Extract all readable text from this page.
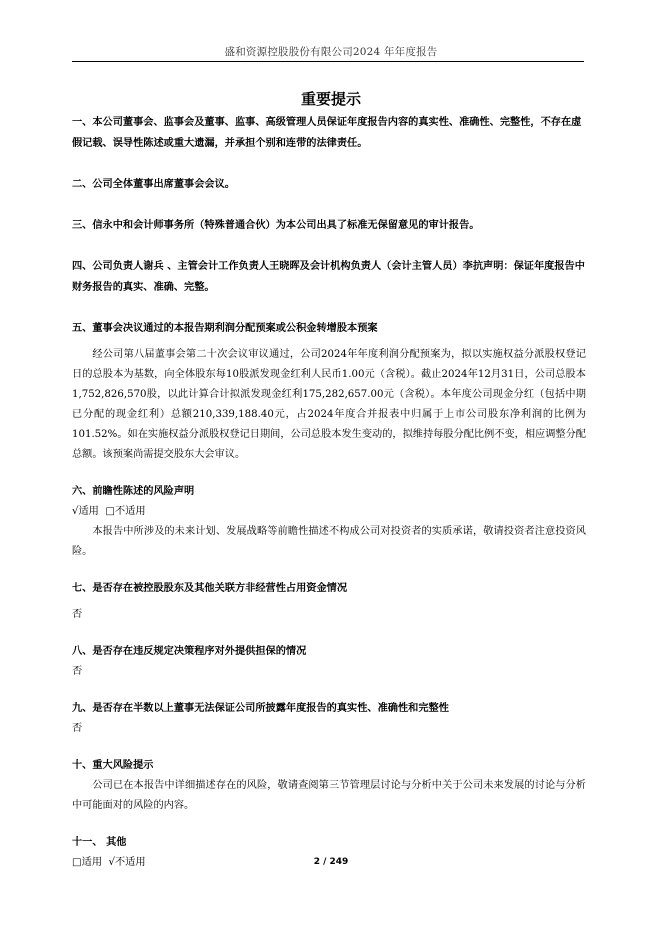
盛和资源控股股份有限公司2024 年年度报告
重要提示

一、本公司董事会、监事会及董事、监事、高级管理人员保证年度报告内容的真实性、准确性、完整性，不存在虚假记载、误导性陈述或重大遗漏，并承担个别和连带的法律责任。

二、公司全体董事出席董事会会议。

三、信永中和会计师事务所（特殊普通合伙）为本公司出具了标准无保留意见的审计报告。

四、公司负责人谢兵 、主管会计工作负责人王晓晖及会计机构负责人（会计主管人员）李抗声明：保证年度报告中财务报告的真实、准确、完整。

五、董事会决议通过的本报告期利润分配预案或公积金转增股本预案

经公司第八届董事会第二十次会议审议通过，公司2024年年度利润分配预案为，拟以实施权益分派股权登记日的总股本为基数，向全体股东每10股派发现金红利人民币1.00元（含税）。截止2024年12月31日，公司总股本1,752,826,570股，以此计算合计拟派发现金红利175,282,657.00元（含税）。本年度公司现金分红（包括中期已分配的现金红利）总额210,339,188.40元，占2024年度合并报表中归属于上市公司股东净利润的比例为101.52%。如在实施权益分派股权登记日期间，公司总股本发生变动的，拟维持每股分配比例不变，相应调整分配总额。该预案尚需提交股东大会审议。

六、前瞻性陈述的风险声明

√适用 □不适用

本报告中所涉及的未来计划、发展战略等前瞻性描述不构成公司对投资者的实质承诺，敬请投资者注意投资风险。

七、是否存在被控股股东及其他关联方非经营性占用资金情况

否

八、是否存在违反规定决策程序对外提供担保的情况

否

九、是否存在半数以上董事无法保证公司所披露年度报告的真实性、准确性和完整性

否

十、重大风险提示

公司已在本报告中详细描述存在的风险，敬请查阅第三节管理层讨论与分析中关于公司未来发展的讨论与分析中可能面对的风险的内容。

十一、 其他

□适用 √不适用	2 / 249
